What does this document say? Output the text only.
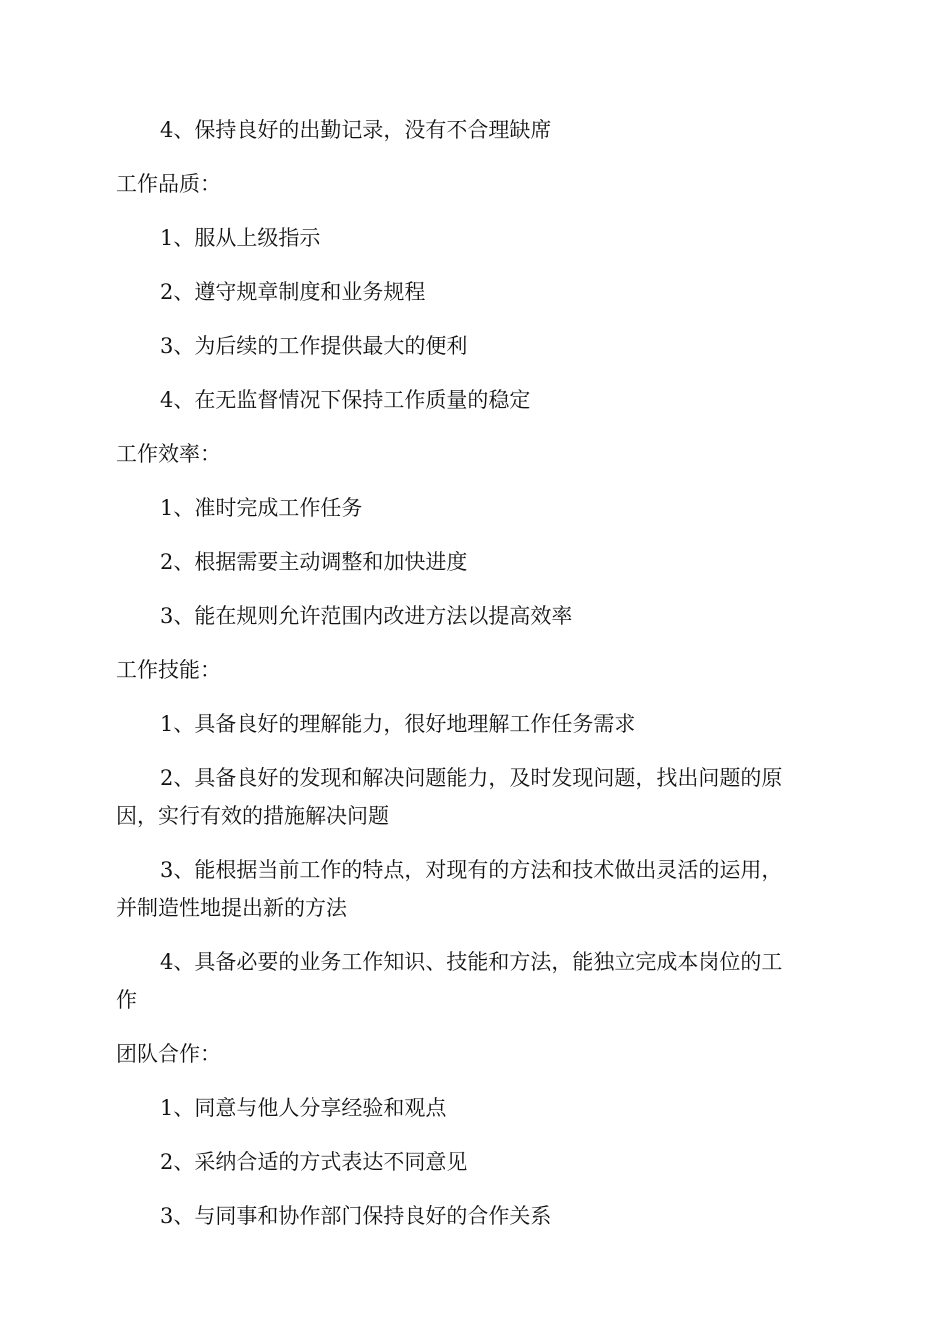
4、保持良好的出勤记录，没有不合理缺席
工作品质：
1、服从上级指示
2、遵守规章制度和业务规程
3、为后续的工作提供最大的便利
4、在无监督情况下保持工作质量的稳定
工作效率：
1、准时完成工作任务
2、根据需要主动调整和加快进度
3、能在规则允许范围内改进方法以提高效率
工作技能：
1、具备良好的理解能力，很好地理解工作任务需求
2、具备良好的发现和解决问题能力，及时发现问题，找出问题的原
因，实行有效的措施解决问题
3、能根据当前工作的特点，对现有的方法和技术做出灵活的运用，
并制造性地提出新的方法
4、具备必要的业务工作知识、技能和方法，能独立完成本岗位的工
作
团队合作：
1、同意与他人分享经验和观点
2、采纳合适的方式表达不同意见
3、与同事和协作部门保持良好的合作关系
